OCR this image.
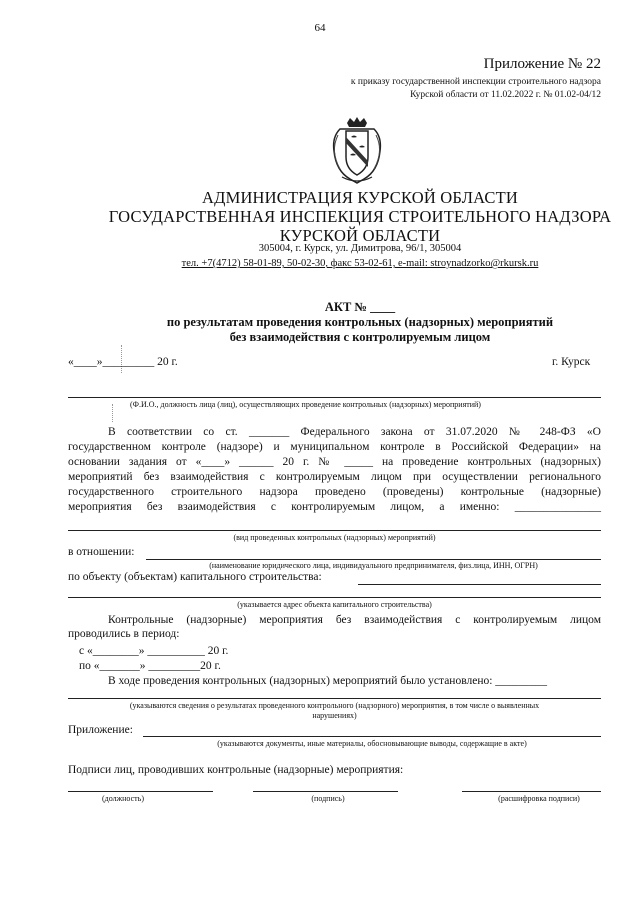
64
Приложение № 22
к приказу государственной инспекции строительного надзора
Курской области от 11.02.2022 г. № 01.02-04/12
АДМИНИСТРАЦИЯ КУРСКОЙ ОБЛАСТИ
ГОСУДАРСТВЕННАЯ ИНСПЕКЦИЯ СТРОИТЕЛЬНОГО НАДЗОРА
КУРСКОЙ ОБЛАСТИ
305004, г. Курск, ул. Димитрова, 96/1, 305004
тел. +7(4712) 58-01-89, 50-02-30, факс 53-02-61, e-mail: stroynadzorko@rkursk.ru
АКТ № ____
по результатам проведения контрольных (надзорных) мероприятий
без взаимодействия с контролируемым лицом
«____»_________ 20 г.	г. Курск
(Ф.И.О., должность лица (лиц), осуществляющих проведение контрольных (надзорных) мероприятий)
В соответствии со ст. _______ Федерального закона от 31.07.2020 № 248-ФЗ «О
государственном контроле (надзоре) и муниципальном контроле в Российской Федерации» на
основании задания от «____» ______ 20 г. № _____ на проведение контрольных (надзорных)
мероприятий без взаимодействия с контролируемым лицом при осуществлении регионального
государственного строительного надзора проведено (проведены) контрольные (надзорные)
мероприятия без взаимодействия с контролируемым лицом, а именно: _______________
(вид проведенных контрольных (надзорных) мероприятий)
в отношении:
(наименование юридического лица, индивидуального предпринимателя, физ.лица, ИНН, ОГРН)
по объекту (объектам) капитального строительства:
(указывается адрес объекта капитального строительства)
Контрольные (надзорные) мероприятия без взаимодействия с контролируемым лицом
проводились в период:
с «________» __________ 20 г.
по «_______» _________20 г.
В ходе проведения контрольных (надзорных) мероприятий было установлено: _________
(указываются сведения о результатах проведенного контрольного (надзорного) мероприятия, в том числе о выявленных
нарушениях)
Приложение:
(указываются документы, иные материалы, обосновывающие выводы, содержащие в акте)
Подписи лиц, проводивших контрольные (надзорные) мероприятия:
(должность)	(подпись)	(расшифровка подписи)
